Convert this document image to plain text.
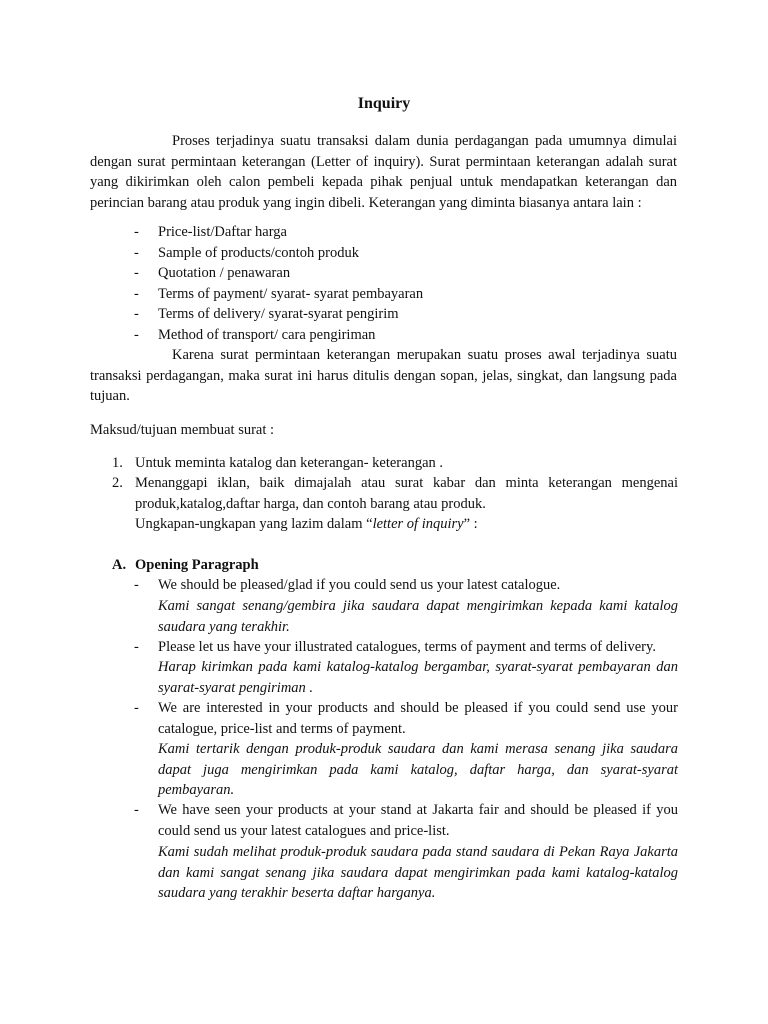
Inquiry

Proses terjadinya suatu transaksi dalam dunia perdagangan pada umumnya dimulai dengan surat permintaan keterangan (Letter of inquiry). Surat permintaan keterangan adalah surat yang dikirimkan oleh calon pembeli kepada pihak penjual untuk mendapatkan keterangan dan perincian barang atau produk yang ingin dibeli. Keterangan yang diminta biasanya antara lain :

- Price-list/Daftar harga
- Sample of products/contoh produk
- Quotation / penawaran
- Terms of payment/ syarat- syarat pembayaran
- Terms of delivery/ syarat-syarat pengirim
- Method of transport/ cara pengiriman

Karena surat permintaan keterangan merupakan suatu proses awal terjadinya suatu transaksi perdagangan, maka surat ini harus ditulis dengan sopan, jelas, singkat, dan langsung pada tujuan.

Maksud/tujuan membuat surat :
1. Untuk meminta katalog dan keterangan- keterangan .
2. Menanggapi iklan, baik dimajalah atau surat kabar dan minta keterangan mengenai produk,katalog,daftar harga, dan contoh barang atau produk.
Ungkapan-ungkapan yang lazim dalam “letter of inquiry” :
A. Opening Paragraph
- We should be pleased/glad if you could send us your latest catalogue.
Kami sangat senang/gembira jika saudara dapat mengirimkan kepada kami katalog saudara yang terakhir.
- Please let us have your illustrated catalogues, terms of payment and terms of delivery.
Harap kirimkan pada kami katalog-katalog bergambar, syarat-syarat pembayaran dan syarat-syarat pengiriman .
- We are interested in your products and should be pleased if you could send use your catalogue, price-list and terms of payment.
Kami tertarik dengan produk-produk saudara dan kami merasa senang jika saudara dapat juga mengirimkan pada kami katalog, daftar harga, dan syarat-syarat pembayaran.
- We have seen your products at your stand at Jakarta fair and should be pleased if you could send us your latest catalogues and price-list.
Kami sudah melihat produk-produk saudara pada stand saudara di Pekan Raya Jakarta dan kami sangat senang jika saudara dapat mengirimkan pada kami katalog-katalog saudara yang terakhir beserta daftar harganya.
